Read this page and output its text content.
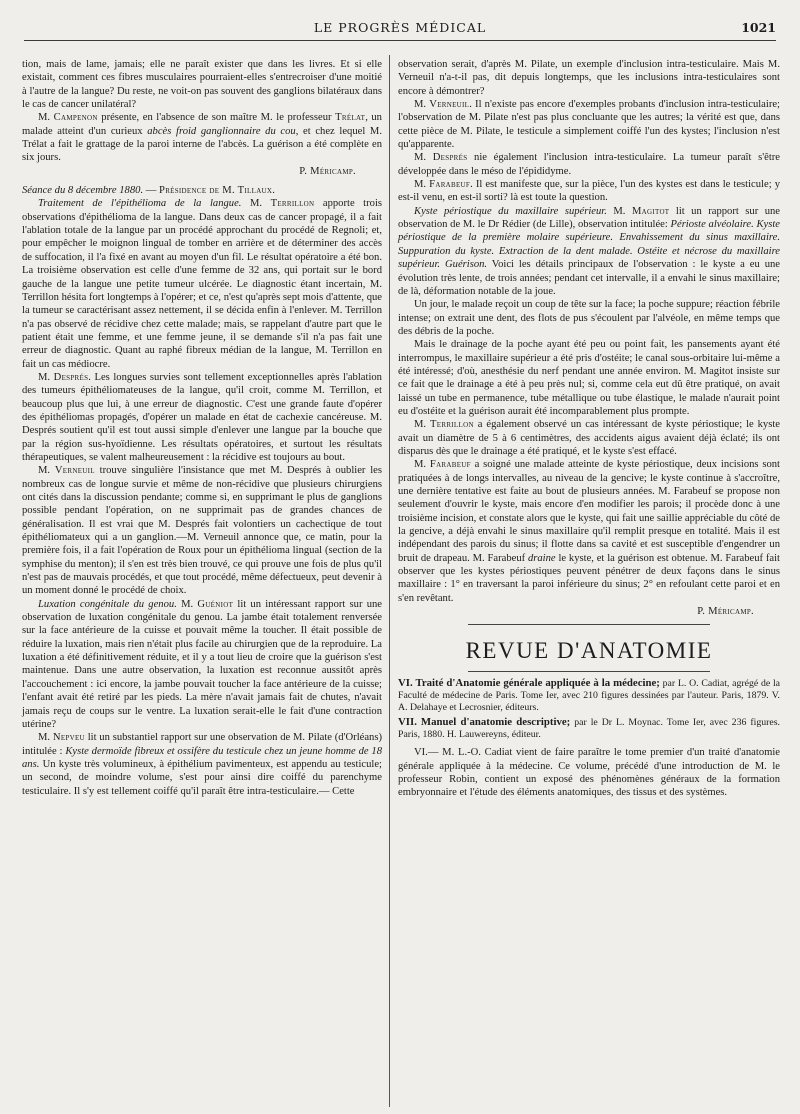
LE PROGRÈS MÉDICAL	1021

tion, mais de lame, jamais; elle ne paraît exister que dans les livres. Et si elle existait, comment ces fibres musculaires pourraient-elles s'entrecroiser d'une moitié à l'autre de la langue? Du reste, ne voit-on pas souvent des ganglions bilatéraux dans le cas de cancer unilatéral?

M. Campenon présente, en l'absence de son maître M. le professeur Trélat, un malade atteint d'un curieux abcès froid ganglionnaire du cou, et chez lequel M. Trélat a fait le grattage de la paroi interne de l'abcès. La guérison a été complète en six jours.

P. Méricamp.

Séance du 8 décembre 1880. — Présidence de M. Tillaux.

Traitement de l'épithélioma de la langue. M. Terrillon apporte trois observations d'épithélioma de la langue. Dans deux cas de cancer propagé, il a fait l'ablation totale de la langue par un procédé approchant du procédé de Regnoli; et, pour empêcher le moignon lingual de tomber en arrière et de déterminer des accès de suffocation, il l'a fixé en avant au moyen d'un fil. Le résultat opératoire a été bon. La troisième observation est celle d'une femme de 32 ans, qui portait sur le bord gauche de la langue une petite tumeur ulcérée. Le diagnostic étant incertain, M. Terrillon hésita fort longtemps à l'opérer; et ce, n'est qu'après sept mois d'attente, que la tumeur se caractérisant assez nettement, il se décida enfin à l'enlever. M. Terrillon n'a pas observé de récidive chez cette malade; mais, se rappelant d'autre part que le patient était une femme, et une femme jeune, il se demande s'il n'a pas fait une erreur de diagnostic. Quant au raphé fibreux médian de la langue, M. Terrillon en fait un cas médiocre.

M. Després. Les longues survies sont tellement exceptionnelles après l'ablation des tumeurs épithéliomateuses de la langue, qu'il croit, comme M. Terrillon, et beaucoup plus que lui, à une erreur de diagnostic. C'est une grande faute d'opérer des épithéliomas propagés, d'opérer un malade en état de cachexie cancéreuse. M. Després soutient qu'il est tout aussi simple d'enlever une langue par la bouche que par la région sus-hyoïdienne. Les résultats opératoires, et surtout les résultats thérapeutiques, se valent malheureusement : la récidive est toujours au bout.

M. Verneuil trouve singulière l'insistance que met M. Després à oublier les nombreux cas de longue survie et même de non-récidive que plusieurs chirurgiens ont cités dans la discussion pendante; comme si, en supprimant le plus de ganglions possible pendant l'opération, on ne supprimait pas de grandes chances de généralisation. Il est vrai que M. Després fait volontiers un cachectique de tout épithéliomateux qui a un ganglion.—M. Verneuil annonce que, ce matin, pour la première fois, il a fait l'opération de Roux pour un épithélioma lingual (section de la symphise du menton); il s'en est très bien trouvé, ce qui prouve une fois de plus qu'il n'est pas de mauvais procédés, et que tout procédé, même défectueux, peut devenir à un moment donné le procédé de choix.

Luxation congénitale du genou. M. Guéniot lit un intéressant rapport sur une observation de luxation congénitale du genou. La jambe était totalement renversée sur la face antérieure de la cuisse et pouvait même la toucher. Il était possible de réduire la luxation, mais rien n'était plus facile au chirurgien que de la reproduire. La luxation a été définitivement réduite, et il y a tout lieu de croire que la guérison s'est maintenue. Dans une autre observation, la luxation est reconnue aussitôt après l'accouchement : ici encore, la jambe pouvait toucher la face antérieure de la cuisse; l'enfant avait été retiré par les pieds. La mère n'avait jamais fait de chutes, n'avait jamais reçu de coups sur le ventre. La luxation serait-elle le fait d'une contraction utérine?

M. Nepveu lit un substantiel rapport sur une observation de M. Pilate (d'Orléans) intitulée : Kyste dermoïde fibreux et ossifère du testicule chez un jeune homme de 18 ans. Un kyste très volumineux, à épithélium pavimenteux, est appendu au testicule; un second, de moindre volume, s'est pour ainsi dire coiffé du parenchyme testiculaire. Il s'y est tellement coiffé qu'il paraît être intra-testiculaire.— Cette

observation serait, d'après M. Pilate, un exemple d'inclusion intra-testiculaire. Mais M. Verneuil n'a-t-il pas, dit depuis longtemps, que les inclusions intra-testiculaires sont encore à démontrer?

M. Verneuil. Il n'existe pas encore d'exemples probants d'inclusion intra-testiculaire; l'observation de M. Pilate n'est pas plus concluante que les autres; la vérité est que, dans cette pièce de M. Pilate, le testicule a simplement coiffé l'un des kystes; l'inclusion n'est qu'apparente.

M. Després nie également l'inclusion intra-testiculaire. La tumeur paraît s'être développée dans le méso de l'épididyme.

M. Farabeuf. Il est manifeste que, sur la pièce, l'un des kystes est dans le testicule; y est-il venu, en est-il sorti? là est toute la question.

Kyste périostique du maxillaire supérieur. M. Magitot lit un rapport sur une observation de M. le Dr Rédier (de Lille), observation intitulée: Périoste alvéolaire. Kyste périostique de la première molaire supérieure. Envahissement du sinus maxillaire. Suppuration du kyste. Extraction de la dent malade. Ostéite et nécrose du maxillaire supérieur. Guérison. Voici les détails principaux de l'observation : le kyste a eu une évolution très lente, de trois années; pendant cet intervalle, il a envahi le sinus maxillaire; de là, déformation notable de la joue.

Un jour, le malade reçoit un coup de tête sur la face; la poche suppure; réaction fébrile intense; on extrait une dent, des flots de pus s'écoulent par l'alvéole, en même temps que des débris de la poche.

Mais le drainage de la poche ayant été peu ou point fait, les pansements ayant été interrompus, le maxillaire supérieur a été pris d'ostéite; le canal sous-orbitaire lui-même a été intéressé; d'où, anesthésie du nerf pendant une année environ. M. Magitot insiste sur ce fait que le drainage a été à peu près nul; si, comme cela eut dû être pratiqué, on avait laissé un tube en permanence, tube métallique ou tube élastique, le malade n'aurait point eu d'ostéite et la guérison aurait été incomparablement plus prompte.

M. Terrillon a également observé un cas intéressant de kyste périostique; le kyste avait un diamètre de 5 à 6 centimètres, des accidents aigus avaient déjà éclaté; ils ont disparus dès que le drainage a été pratiqué, et le kyste s'est effacé.

M. Farabeuf a soigné une malade atteinte de kyste périostique, deux incisions sont pratiquées à de longs intervalles, au niveau de la gencive; le kyste continue à s'accroître, une dernière tentative est faite au bout de plusieurs années. M. Farabeuf se propose non seulement d'ouvrir le kyste, mais encore d'en modifier les parois; il procède donc à une troisième incision, et constate alors que le kyste, qui fait une saillie appréciable du côté de la gencive, a déjà envahi le sinus maxillaire qu'il remplit presque en totalité. Mais il est indépendant des parois du sinus; il flotte dans sa cavité et est susceptible d'engendrer un bruit de drapeau. M. Farabeuf draine le kyste, et la guérison est obtenue. M. Farabeuf fait observer que les kystes périostiques peuvent pénétrer de deux façons dans le sinus maxillaire : 1° en traversant la paroi inférieure du sinus; 2° en refoulant cette paroi et en s'en revêtant.

P. Méricamp.

REVUE D'ANATOMIE

VI. Traité d'Anatomie générale appliquée à la médecine; par L. O. Cadiat, agrégé de la Faculté de médecine de Paris. Tome Ier, avec 210 figures dessinées par l'auteur. Paris, 1879. V. A. Delahaye et Lecrosnier, éditeurs.

VII. Manuel d'anatomie descriptive; par le Dr L. Moynac. Tome Ier, avec 236 figures. Paris, 1880. H. Lauwereyns, éditeur.

VI.— M. L.-O. Cadiat vient de faire paraître le tome premier d'un traité d'anatomie générale appliquée à la médecine. Ce volume, précédé d'une introduction de M. le professeur Robin, contient un exposé des phénomènes généraux de la formation embryonnaire et l'étude des éléments anatomiques, des tissus et des systèmes.
